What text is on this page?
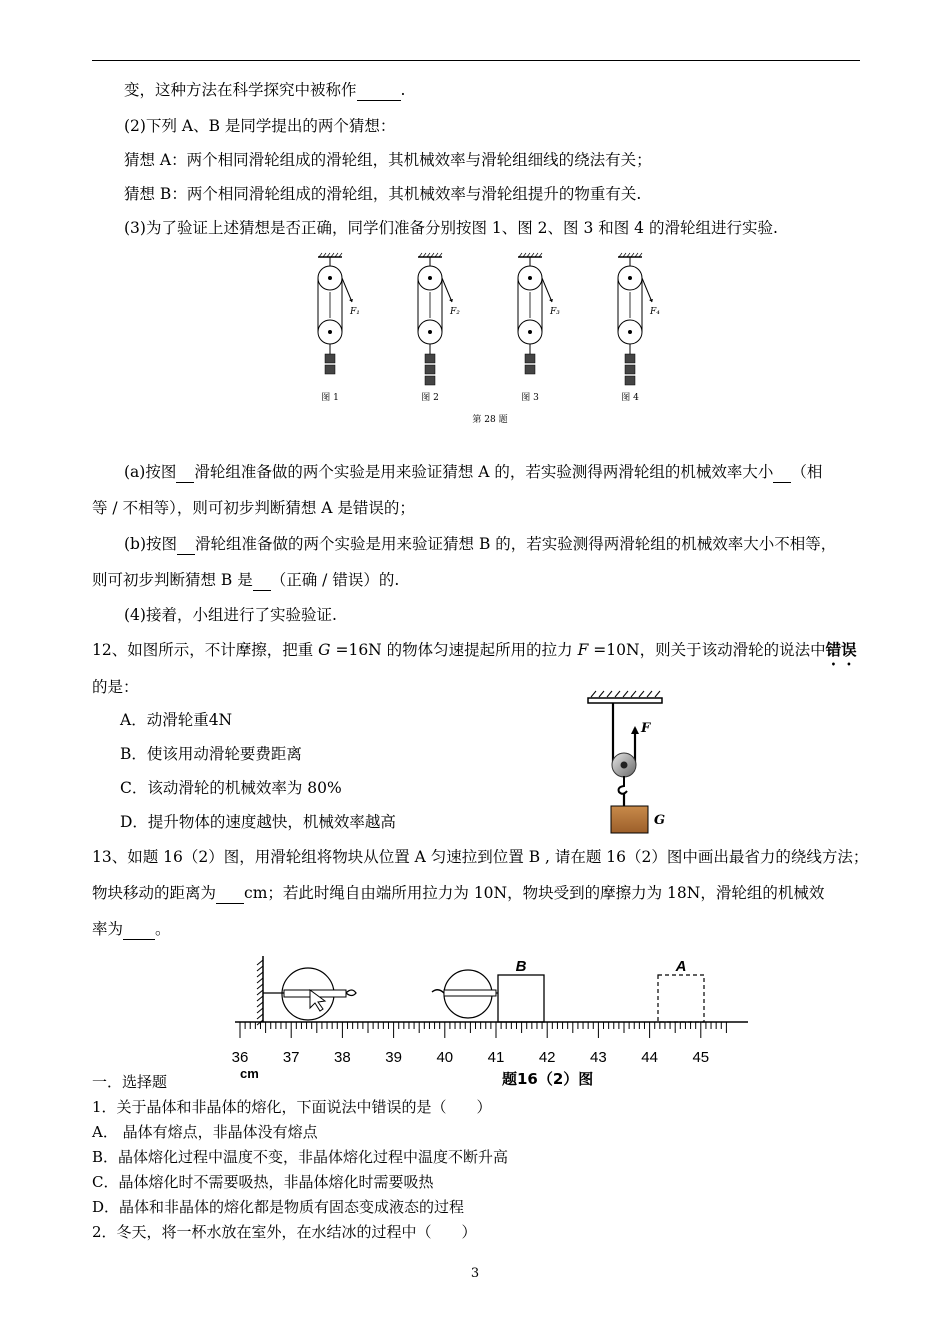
变，这种方法在科学探究中被称作	.
(2)下列 A、B 是同学提出的两个猜想：
猜想 A：两个相同滑轮组成的滑轮组，其机械效率与滑轮组细线的绕法有关；
猜想 B：两个相同滑轮组成的滑轮组，其机械效率与滑轮组提升的物重有关.
(3)为了验证上述猜想是否正确，同学们准备分别按图 1、图 2、图 3 和图 4 的滑轮组进行实验.
F₁
图 1
F₂
图 2
F₃
图 3
F₄
图 4
第 28 题
(a)按图 滑轮组准备做的两个实验是用来验证猜想 A 的，若实验测得两滑轮组的机械效率大小 （相
等 / 不相等），则可初步判断猜想 A 是错误的；
(b)按图 滑轮组准备做的两个实验是用来验证猜想 B 的，若实验测得两滑轮组的机械效率大小不相等，
则可初步判断猜想 B 是 （正确 / 错误）的.
(4)接着，小组进行了实验验证.
12、如图所示，不计摩擦，把重 G =16N 的物体匀速提起所用的拉力 F =10N，则关于该动滑轮的说法中错误
的是：
A．动滑轮重4N
B．使该用动滑轮要费距离
C．该动滑轮的机械效率为 80%
D．提升物体的速度越快，机械效率越高
F
G
13、如题 16（2）图，用滑轮组将物块从位置 A 匀速拉到位置 B , 请在题 16（2）图中画出最省力的绕线方法；
物块移动的距离为 cm；若此时绳自由端所用拉力为 10N，物块受到的摩擦力为 18N，滑轮组的机械效
率为 。
B	A
36 37 38 39 40 41 42 43 44 45
cm	题16（2）图
一．选择题
1．关于晶体和非晶体的熔化，下面说法中错误的是（　　）
A． 晶体有熔点，非晶体没有熔点
B．晶体熔化过程中温度不变，非晶体熔化过程中温度不断升高
C．晶体熔化时不需要吸热，非晶体熔化时需要吸热
D．晶体和非晶体的熔化都是物质有固态变成液态的过程
2．冬天，将一杯水放在室外，在水结冰的过程中（　　）
3
